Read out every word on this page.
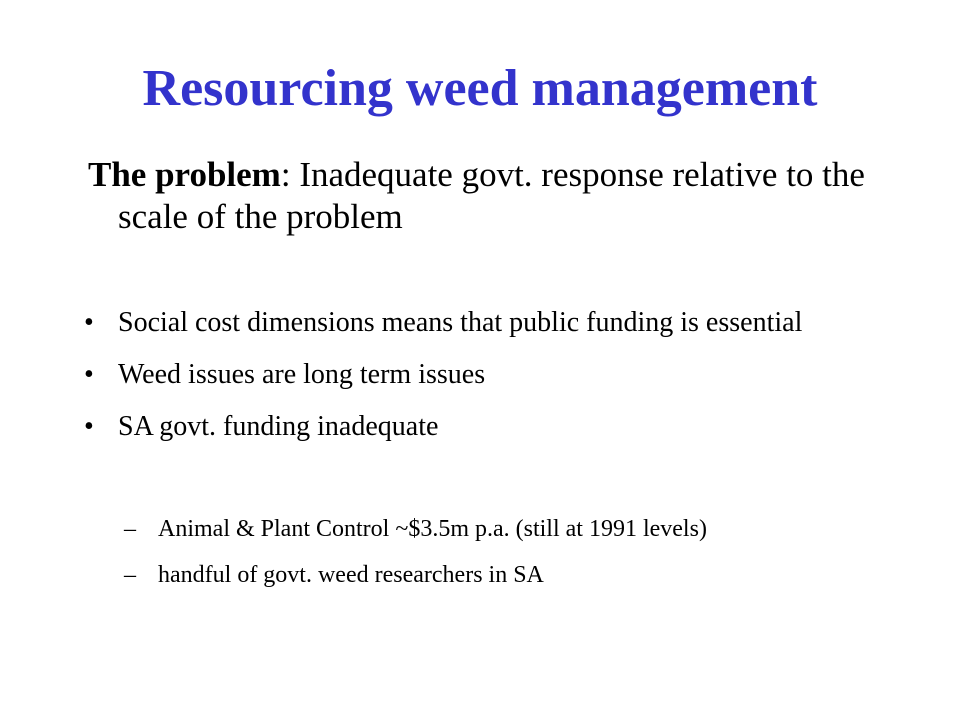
Resourcing weed management

The problem: Inadequate govt. response relative to the scale of the problem

• Social cost dimensions means that public funding is essential
• Weed issues are long term issues
• SA govt. funding inadequate
– Animal & Plant Control ~$3.5m p.a. (still at 1991 levels)
– handful of govt. weed researchers in SA
